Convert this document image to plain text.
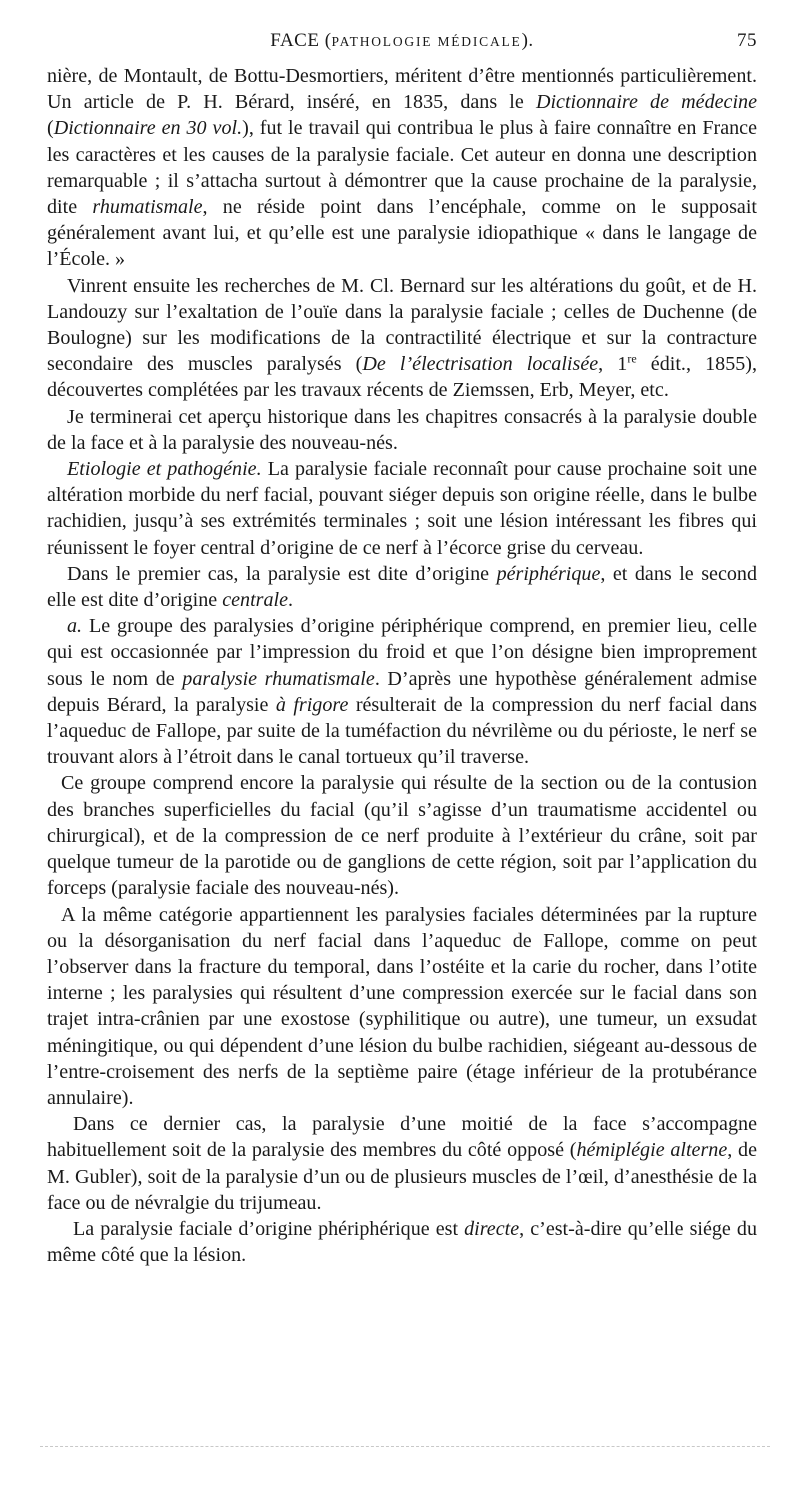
FACE (PATHOLOGIE MÉDICALE).	75

nière, de Montault, de Bottu-Desmortiers, méritent d’être mentionnés particulièrement. Un article de P. H. Bérard, inséré, en 1835, dans le Dictionnaire de médecine (Dictionnaire en 30 vol.), fut le travail qui contribua le plus à faire connaître en France les caractères et les causes de la paralysie faciale. Cet auteur en donna une description remarquable ; il s’attacha surtout à démontrer que la cause prochaine de la paralysie, dite rhumatismale, ne réside point dans l’encéphale, comme on le supposait généralement avant lui, et qu’elle est une paralysie idiopathique « dans le langage de l’École. »

Vinrent ensuite les recherches de M. Cl. Bernard sur les altérations du goût, et de H. Landouzy sur l’exaltation de l’ouïe dans la paralysie faciale ; celles de Duchenne (de Boulogne) sur les modifications de la contractilité électrique et sur la contracture secondaire des muscles paralysés (De l’électrisation localisée, 1re édit., 1855), découvertes complétées par les travaux récents de Ziemssen, Erb, Meyer, etc.

Je terminerai cet aperçu historique dans les chapitres consacrés à la paralysie double de la face et à la paralysie des nouveau-nés.

Etiologie et pathogénie. La paralysie faciale reconnaît pour cause prochaine soit une altération morbide du nerf facial, pouvant siéger depuis son origine réelle, dans le bulbe rachidien, jusqu’à ses extrémités terminales ; soit une lésion intéressant les fibres qui réunissent le foyer central d’origine de ce nerf à l’écorce grise du cerveau.

Dans le premier cas, la paralysie est dite d’origine périphérique, et dans le second elle est dite d’origine centrale.

a. Le groupe des paralysies d’origine périphérique comprend, en premier lieu, celle qui est occasionnée par l’impression du froid et que l’on désigne bien improprement sous le nom de paralysie rhumatismale. D’après une hypothèse généralement admise depuis Bérard, la paralysie à frigore résulterait de la compression du nerf facial dans l’aqueduc de Fallope, par suite de la tuméfaction du névrilème ou du périoste, le nerf se trouvant alors à l’étroit dans le canal tortueux qu’il traverse.

Ce groupe comprend encore la paralysie qui résulte de la section ou de la contusion des branches superficielles du facial (qu’il s’agisse d’un traumatisme accidentel ou chirurgical), et de la compression de ce nerf produite à l’extérieur du crâne, soit par quelque tumeur de la parotide ou de ganglions de cette région, soit par l’application du forceps (paralysie faciale des nouveau-nés).

A la même catégorie appartiennent les paralysies faciales déterminées par la rupture ou la désorganisation du nerf facial dans l’aqueduc de Fallope, comme on peut l’observer dans la fracture du temporal, dans l’ostéite et la carie du rocher, dans l’otite interne ; les paralysies qui résultent d’une compression exercée sur le facial dans son trajet intra-crânien par une exostose (syphilitique ou autre), une tumeur, un exsudat méningitique, ou qui dépendent d’une lésion du bulbe rachidien, siégeant au-dessous de l’entre-croisement des nerfs de la septième paire (étage inférieur de la protubérance annulaire).

Dans ce dernier cas, la paralysie d’une moitié de la face s’accompagne habituellement soit de la paralysie des membres du côté opposé (hémiplégie alterne, de M. Gubler), soit de la paralysie d’un ou de plusieurs muscles de l’œil, d’anesthésie de la face ou de névralgie du trijumeau.

La paralysie faciale d’origine phériphérique est directe, c’est-à-dire qu’elle siége du même côté que la lésion.
